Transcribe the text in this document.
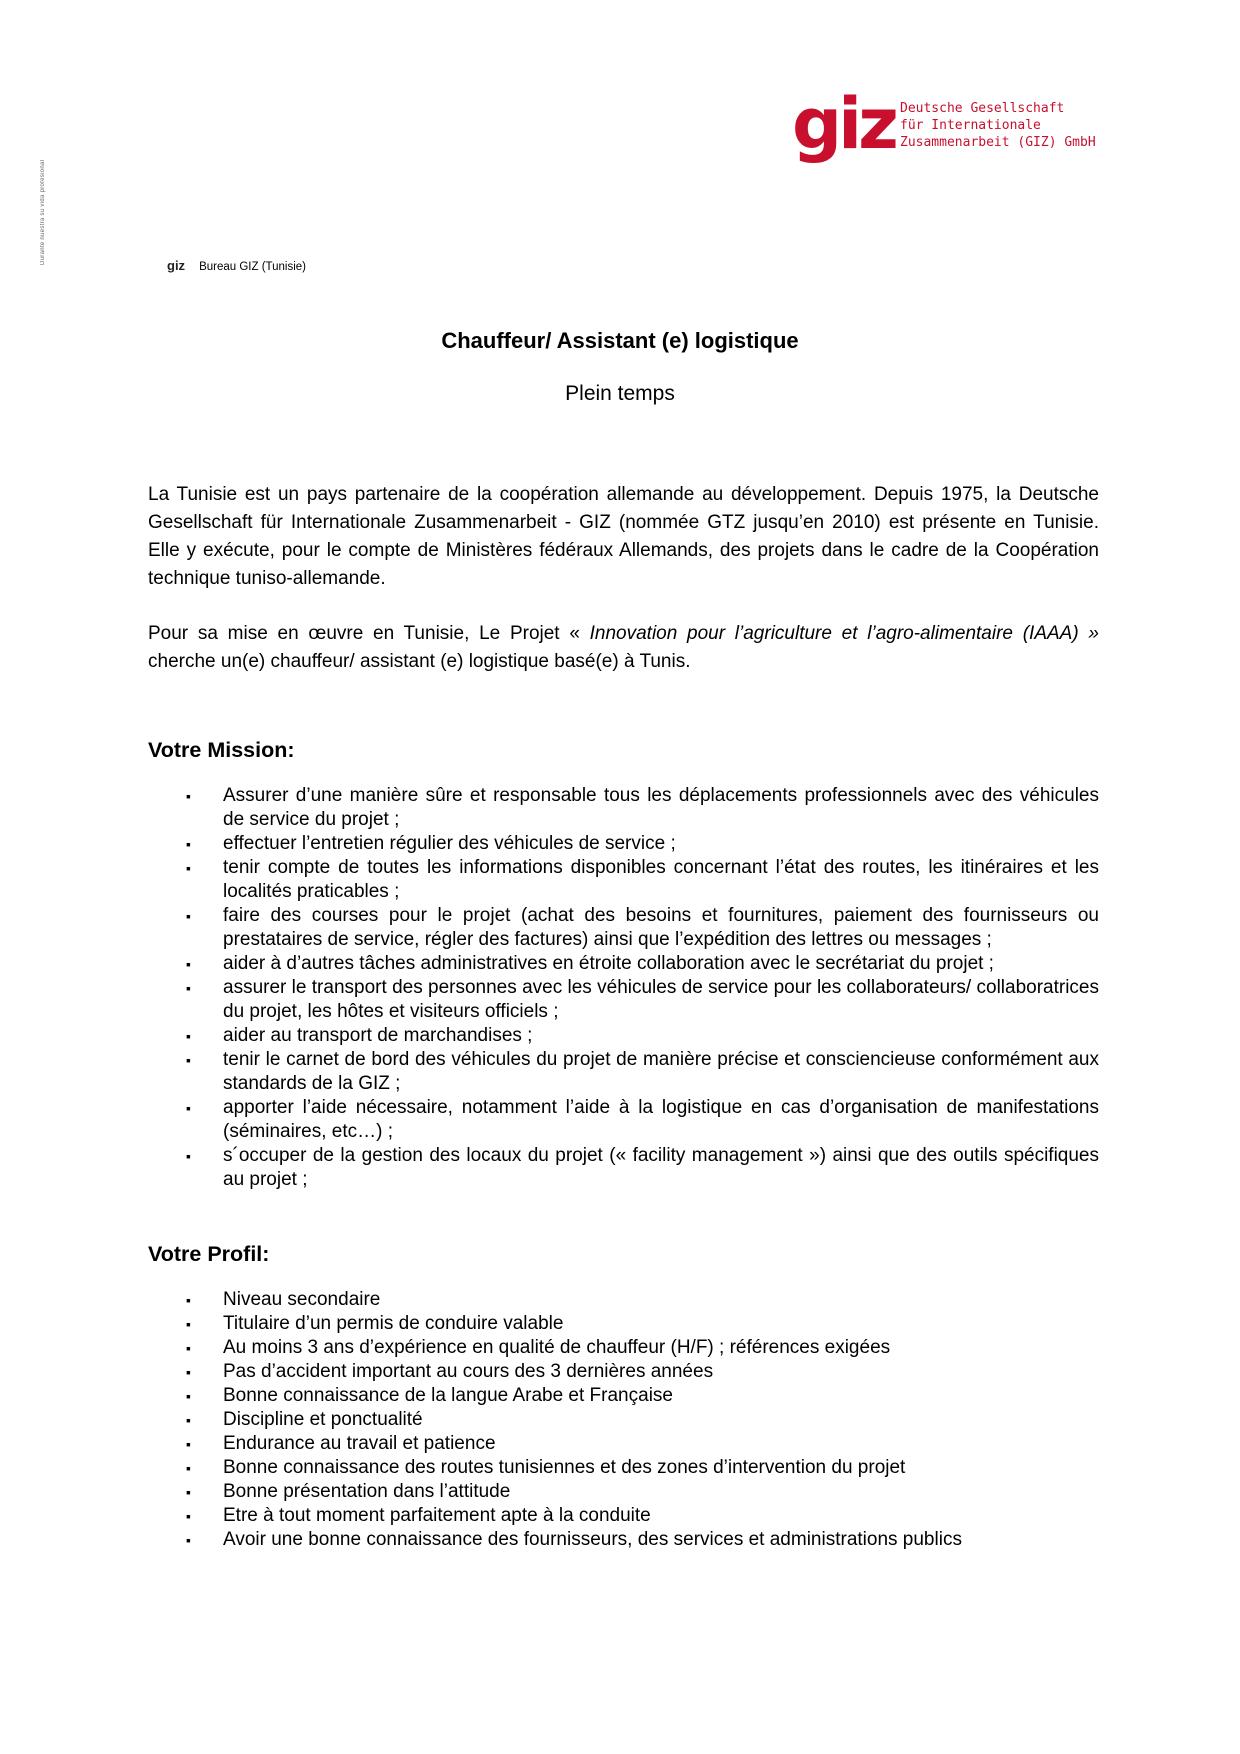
Durante nuestra su vida profesional
giz Deutsche Gesellschaft
für Internationale
Zusammenarbeit (GIZ) GmbH
giz Bureau GIZ (Tunisie)
Chauffeur/ Assistant (e) logistique
Plein temps

La Tunisie est un pays partenaire de la coopération allemande au développement. Depuis 1975, la Deutsche Gesellschaft für Internationale Zusammenarbeit - GIZ (nommée GTZ jusqu’en 2010) est présente en Tunisie. Elle y exécute, pour le compte de Ministères fédéraux Allemands, des projets dans le cadre de la Coopération technique tuniso-allemande.

Pour sa mise en œuvre en Tunisie, Le Projet « Innovation pour l’agriculture et l’agro-alimentaire (IAAA) » cherche un(e) chauffeur/ assistant (e) logistique basé(e) à Tunis.

Votre Mission:
▪ Assurer d’une manière sûre et responsable tous les déplacements professionnels avec des véhicules de service du projet ;
▪ effectuer l’entretien régulier des véhicules de service ;
▪ tenir compte de toutes les informations disponibles concernant l’état des routes, les itinéraires et les localités praticables ;
▪ faire des courses pour le projet (achat des besoins et fournitures, paiement des fournisseurs ou prestataires de service, régler des factures) ainsi que l’expédition des lettres ou messages ;
▪ aider à d’autres tâches administratives en étroite collaboration avec le secrétariat du projet ;
▪ assurer le transport des personnes avec les véhicules de service pour les collaborateurs/ collaboratrices du projet, les hôtes et visiteurs officiels ;
▪ aider au transport de marchandises ;
▪ tenir le carnet de bord des véhicules du projet de manière précise et consciencieuse conformément aux standards de la GIZ ;
▪ apporter l’aide nécessaire, notamment l’aide à la logistique en cas d’organisation de manifestations (séminaires, etc…) ;
▪ s´occuper de la gestion des locaux du projet (« facility management ») ainsi que des outils spécifiques au projet ;
Votre Profil:
▪ Niveau secondaire
▪ Titulaire d’un permis de conduire valable
▪ Au moins 3 ans d’expérience en qualité de chauffeur (H/F) ; références exigées
▪ Pas d’accident important au cours des 3 dernières années
▪ Bonne connaissance de la langue Arabe et Française
▪ Discipline et ponctualité
▪ Endurance au travail et patience
▪ Bonne connaissance des routes tunisiennes et des zones d’intervention du projet
▪ Bonne présentation dans l’attitude
▪ Etre à tout moment parfaitement apte à la conduite
▪ Avoir une bonne connaissance des fournisseurs, des services et administrations publics
